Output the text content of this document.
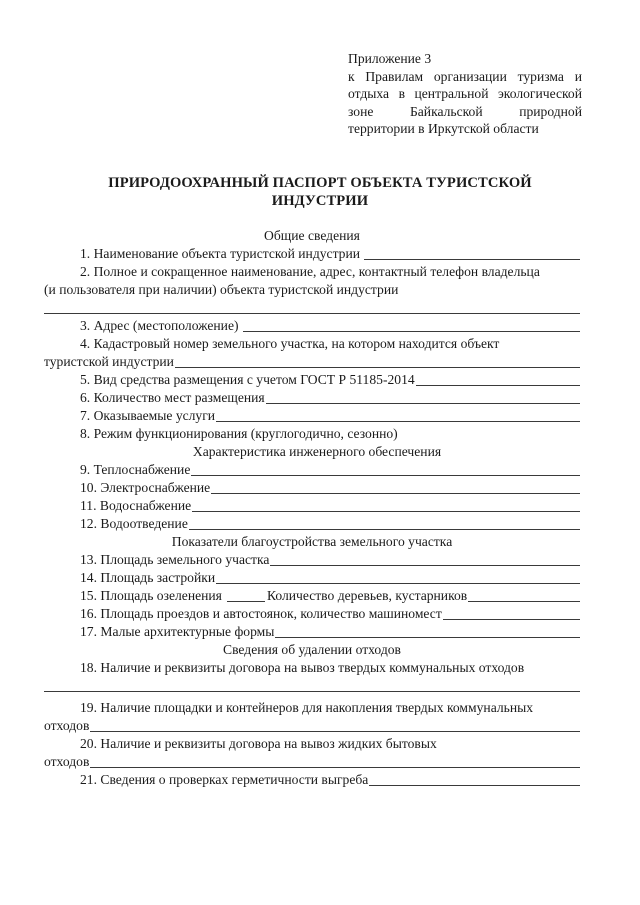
Приложение 3
к Правилам организации туризма и отдыха в центральной экологической зоне Байкальской природной территории в Иркутской области
ПРИРОДООХРАННЫЙ ПАСПОРТ ОБЪЕКТА ТУРИСТСКОЙ
ИНДУСТРИИ
Общие сведения
1. Наименование объекта туристской индустрии
2. Полное и сокращенное наименование, адрес, контактный телефон владельца
(и пользователя при наличии) объекта туристской индустрии
3. Адрес (местоположение)
4. Кадастровый номер земельного участка, на котором находится объект
туристской индустрии
5. Вид средства размещения с учетом ГОСТ Р 51185-2014
6. Количество мест размещения
7. Оказываемые услуги
8. Режим функционирования (круглогодично, сезонно)
Характеристика инженерного обеспечения
9. Теплоснабжение
10. Электроснабжение
11. Водоснабжение
12. Водоотведение
Показатели благоустройства земельного участка
13. Площадь земельного участка
14. Площадь застройки
15. Площадь озеленения	Количество деревьев, кустарников
16. Площадь проездов и автостоянок, количество машиномест
17. Малые архитектурные формы
Сведения об удалении отходов
18. Наличие и реквизиты договора на вывоз твердых коммунальных отходов
19. Наличие площадки и контейнеров для накопления твердых коммунальных
отходов
20. Наличие и реквизиты договора на вывоз жидких бытовых
отходов
21. Сведения о проверках герметичности выгреба
